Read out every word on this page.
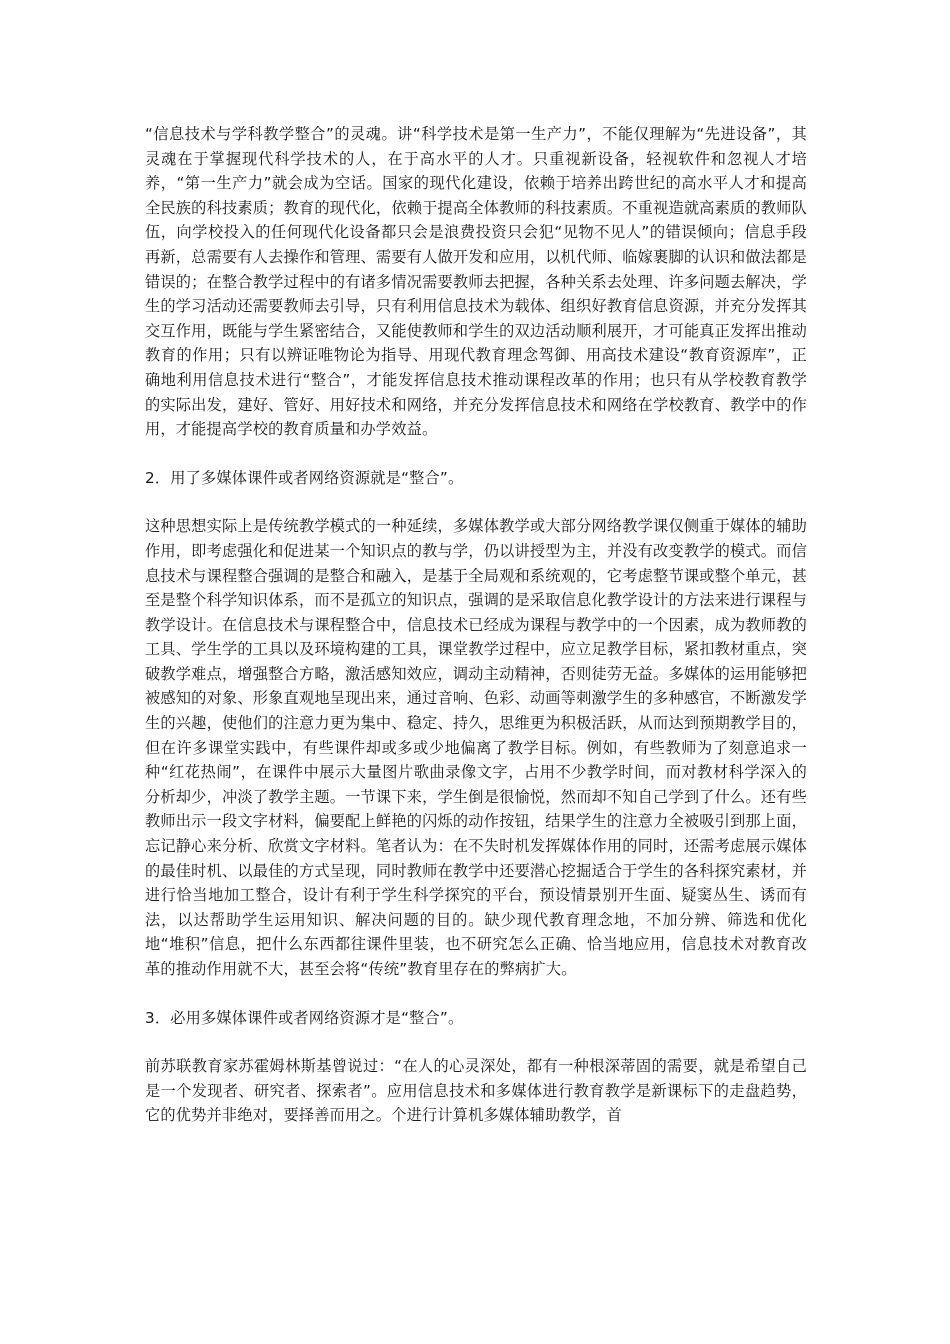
“信息技术与学科教学整合”的灵魂。讲“科学技术是第一生产力”，不能仅理解为“先进设备”，其灵魂在于掌握现代科学技术的人，在于高水平的人才。只重视新设备，轻视软件和忽视人才培养，“第一生产力”就会成为空话。国家的现代化建设，依赖于培养出跨世纪的高水平人才和提高全民族的科技素质；教育的现代化，依赖于提高全体教师的科技素质。不重视造就高素质的教师队伍，向学校投入的任何现代化设备都只会是浪费投资只会犯“见物不见人”的错误倾向；信息手段再新，总需要有人去操作和管理、需要有人做开发和应用，以机代师、临嫁裹脚的认识和做法都是错误的；在整合教学过程中的有诸多情况需要教师去把握，各种关系去处理、许多问题去解决，学生的学习活动还需要教师去引导，只有利用信息技术为载体、组织好教育信息资源，并充分发挥其交互作用，既能与学生紧密结合，又能使教师和学生的双边活动顺利展开，才可能真正发挥出推动教育的作用；只有以辨证唯物论为指导、用现代教育理念驾御、用高技术建设“教育资源库”，正确地利用信息技术进行“整合”，才能发挥信息技术推动课程改革的作用；也只有从学校教育教学的实际出发，建好、管好、用好技术和网络，并充分发挥信息技术和网络在学校教育、教学中的作用，才能提高学校的教育质量和办学效益。

2．用了多媒体课件或者网络资源就是“整合”。

这种思想实际上是传统教学模式的一种延续，多媒体教学或大部分网络教学课仅侧重于媒体的辅助作用，即考虑强化和促进某一个知识点的教与学，仍以讲授型为主，并没有改变教学的模式。而信息技术与课程整合强调的是整合和融入，是基于全局观和系统观的，它考虑整节课或整个单元，甚至是整个科学知识体系，而不是孤立的知识点，强调的是采取信息化教学设计的方法来进行课程与教学设计。在信息技术与课程整合中，信息技术已经成为课程与教学中的一个因素，成为教师教的工具、学生学的工具以及环境构建的工具，课堂教学过程中，应立足教学目标，紧扣教材重点，突破教学难点，增强整合方略，激活感知效应，调动主动精神，否则徒劳无益。多媒体的运用能够把被感知的对象、形象直观地呈现出来，通过音响、色彩、动画等刺激学生的多种感官，不断激发学生的兴趣，使他们的注意力更为集中、稳定、持久，思维更为积极活跃，从而达到预期教学目的，但在许多课堂实践中，有些课件却或多或少地偏离了教学目标。例如，有些教师为了刻意追求一种“红花热闹”，在课件中展示大量图片歌曲录像文字，占用不少教学时间，而对教材科学深入的分析却少，冲淡了教学主题。一节课下来，学生倒是很愉悦，然而却不知自己学到了什么。还有些教师出示一段文字材料，偏要配上鲜艳的闪烁的动作按钮，结果学生的注意力全被吸引到那上面，忘记静心来分析、欣赏文字材料。笔者认为：在不失时机发挥媒体作用的同时，还需考虑展示媒体的最佳时机、以最佳的方式呈现，同时教师在教学中还要潜心挖掘适合于学生的各科探究素材，并进行恰当地加工整合，设计有利于学生科学探究的平台，预设情景别开生面、疑窦丛生、诱而有法，以达帮助学生运用知识、解决问题的目的。缺少现代教育理念地，不加分辨、筛选和优化地“堆积”信息，把什么东西都往课件里装，也不研究怎么正确、恰当地应用，信息技术对教育改革的推动作用就不大，甚至会将“传统”教育里存在的弊病扩大。

3．必用多媒体课件或者网络资源才是“整合”。

前苏联教育家苏霍姆林斯基曾说过：“在人的心灵深处，都有一种根深蒂固的需要，就是希望自己是一个发现者、研究者、探索者”。应用信息技术和多媒体进行教育教学是新课标下的走盘趋势，它的优势并非绝对，要择善而用之。个进行计算机多媒体辅助教学，首
